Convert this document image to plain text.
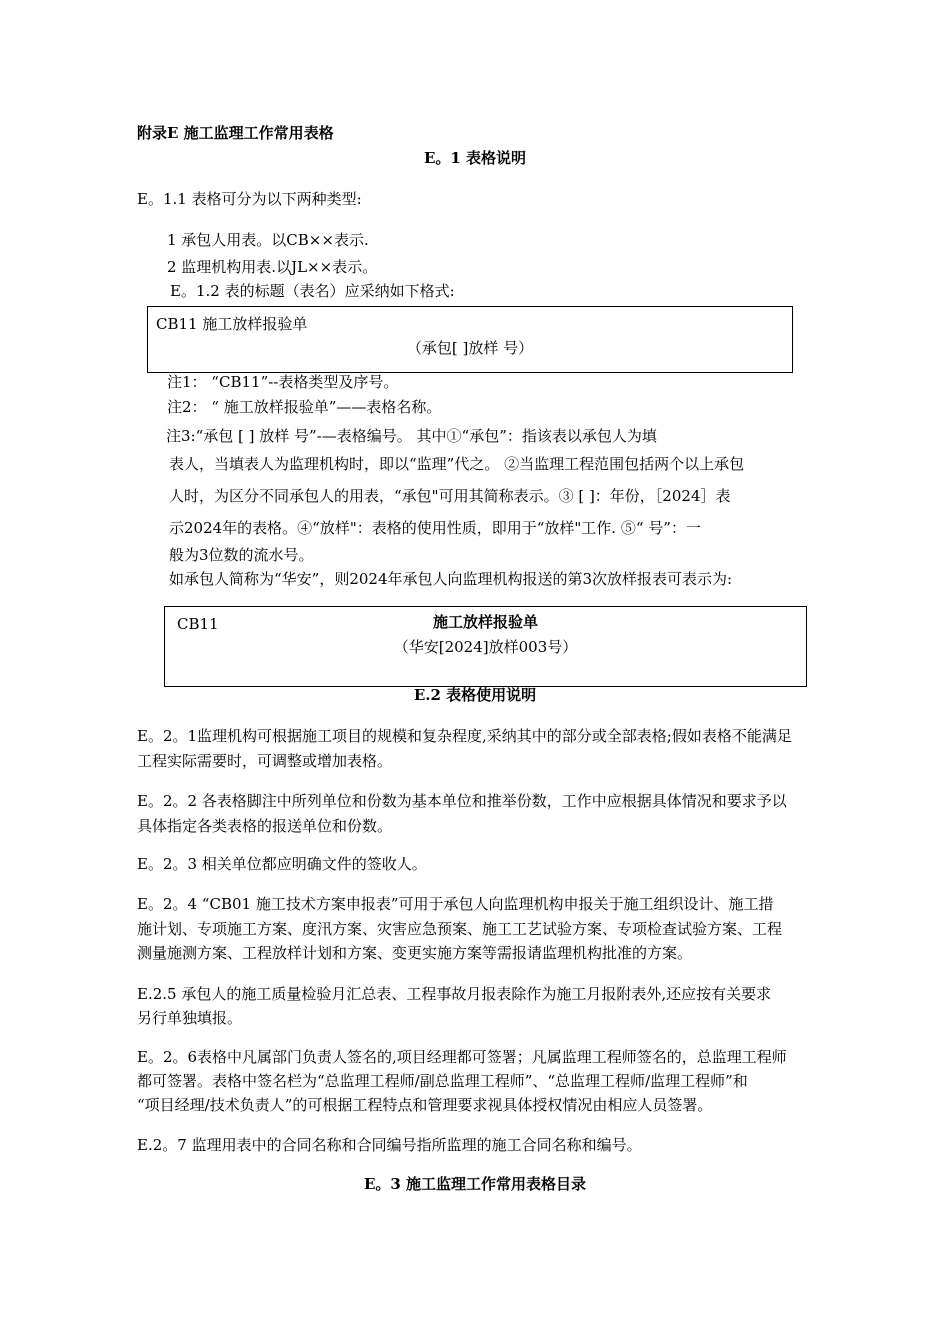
附录E 施工监理工作常用表格
E。1 表格说明
E。1.1 表格可分为以下两种类型:
1 承包人用表。以CB××表示.
2 监理机构用表.以JL××表示。
E。1.2 表的标题（表名）应采纳如下格式:
CB11 施工放样报验单
（承包[ ]放样 号）
注1： “CB11”--表格类型及序号。
注2： “ 施工放样报验单”——表格名称。
注3:“承包 [ ] 放样 号”-—表格编号。 其中①“承包”：指该表以承包人为填
表人，当填表人为监理机构时，即以“监理”代之。 ②当监理工程范围包括两个以上承包
人时，为区分不同承包人的用表，“承包"可用其简称表示。③ [ ]：年份，［2024］表
示2024年的表格。④“放样"：表格的使用性质，即用于“放样"工作. ⑤“ 号”：一
般为3位数的流水号。
如承包人简称为“华安”，则2024年承包人向监理机构报送的第3次放样报表可表示为:
CB11	施工放样报验单
（华安[2024]放样003号）
E.2 表格使用说明
E。2。1监理机构可根据施工项目的规模和复杂程度,采纳其中的部分或全部表格;假如表格不能满足
工程实际需要时，可调整或增加表格。
E。2。2 各表格脚注中所列单位和份数为基本单位和推举份数，工作中应根据具体情况和要求予以
具体指定各类表格的报送单位和份数。
E。2。3 相关单位都应明确文件的签收人。
E。2。4 “CB01 施工技术方案申报表”可用于承包人向监理机构申报关于施工组织设计、施工措
施计划、专项施工方案、度汛方案、灾害应急预案、施工工艺试验方案、专项检查试验方案、工程
测量施测方案、工程放样计划和方案、变更实施方案等需报请监理机构批准的方案。
E.2.5 承包人的施工质量检验月汇总表、工程事故月报表除作为施工月报附表外,还应按有关要求
另行单独填报。
E。2。6表格中凡属部门负责人签名的,项目经理都可签署；凡属监理工程师签名的，总监理工程师
都可签署。表格中签名栏为“总监理工程师/副总监理工程师”、“总监理工程师/监理工程师”和
“项目经理/技术负责人”的可根据工程特点和管理要求视具体授权情况由相应人员签署。
E.2。7 监理用表中的合同名称和合同编号指所监理的施工合同名称和编号。
E。3 施工监理工作常用表格目录
